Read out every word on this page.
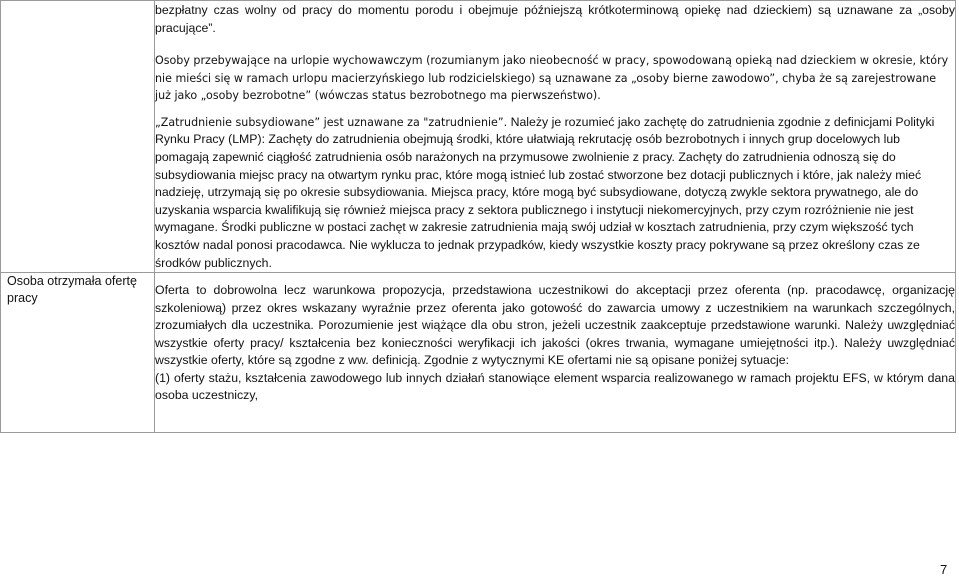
	bezpłatny czas wolny od pracy do momentu porodu i obejmuje późniejszą krótkoterminową opiekę nad dzieckiem) są uznawane za „osoby pracujące”.

Osoby przebywające na urlopie wychowawczym (rozumianym jako nieobecność w pracy, spowodowaną opieką nad dzieckiem w okresie, który nie mieści się w ramach urlopu macierzyńskiego lub rodzicielskiego) są uznawane za „osoby bierne zawodowo”, chyba że są zarejestrowane już jako „osoby bezrobotne” (wówczas status bezrobotnego ma pierwszeństwo).

„Zatrudnienie subsydiowane” jest uznawane za "zatrudnienie”. Należy je rozumieć jako zachętę do zatrudnienia zgodnie z definicjami Polityki Rynku Pracy (LMP): Zachęty do zatrudnienia obejmują środki, które ułatwiają rekrutację osób bezrobotnych i innych grup docelowych lub pomagają zapewnić ciągłość zatrudnienia osób narażonych na przymusowe zwolnienie z pracy. Zachęty do zatrudnienia odnoszą się do subsydiowania miejsc pracy na otwartym rynku prac, które mogą istnieć lub zostać stworzone bez dotacji publicznych i które, jak należy mieć nadzieję, utrzymają się po okresie subsydiowania. Miejsca pracy, które mogą być subsydiowane, dotyczą zwykle sektora prywatnego, ale do uzyskania wsparcia kwalifikują się również miejsca pracy z sektora publicznego i instytucji niekomercyjnych, przy czym rozróżnienie nie jest wymagane. Środki publiczne w postaci zachęt w zakresie zatrudnienia mają swój udział w kosztach zatrudnienia, przy czym większość tych kosztów nadal ponosi pracodawca. Nie wyklucza to jednak przypadków, kiedy wszystkie koszty pracy pokrywane są przez określony czas ze środków publicznych.

Osoba otrzymała ofertę pracy	Oferta to dobrowolna lecz warunkowa propozycja, przedstawiona uczestnikowi do akceptacji przez oferenta (np. pracodawcę, organizację szkoleniową) przez okres wskazany wyraźnie przez oferenta jako gotowość do zawarcia umowy z uczestnikiem na warunkach szczególnych, zrozumiałych dla uczestnika. Porozumienie jest wiążące dla obu stron, jeżeli uczestnik zaakceptuje przedstawione warunki. Należy uwzględniać wszystkie oferty pracy/ kształcenia bez konieczności weryfikacji ich jakości (okres trwania, wymagane umiejętności itp.). Należy uwzględniać wszystkie oferty, które są zgodne z ww. definicją. Zgodnie z wytycznymi KE ofertami nie są opisane poniżej sytuacje:

(1) oferty stażu, kształcenia zawodowego lub innych działań stanowiące element wsparcia realizowanego w ramach projektu EFS, w którym dana osoba uczestniczy,

7
